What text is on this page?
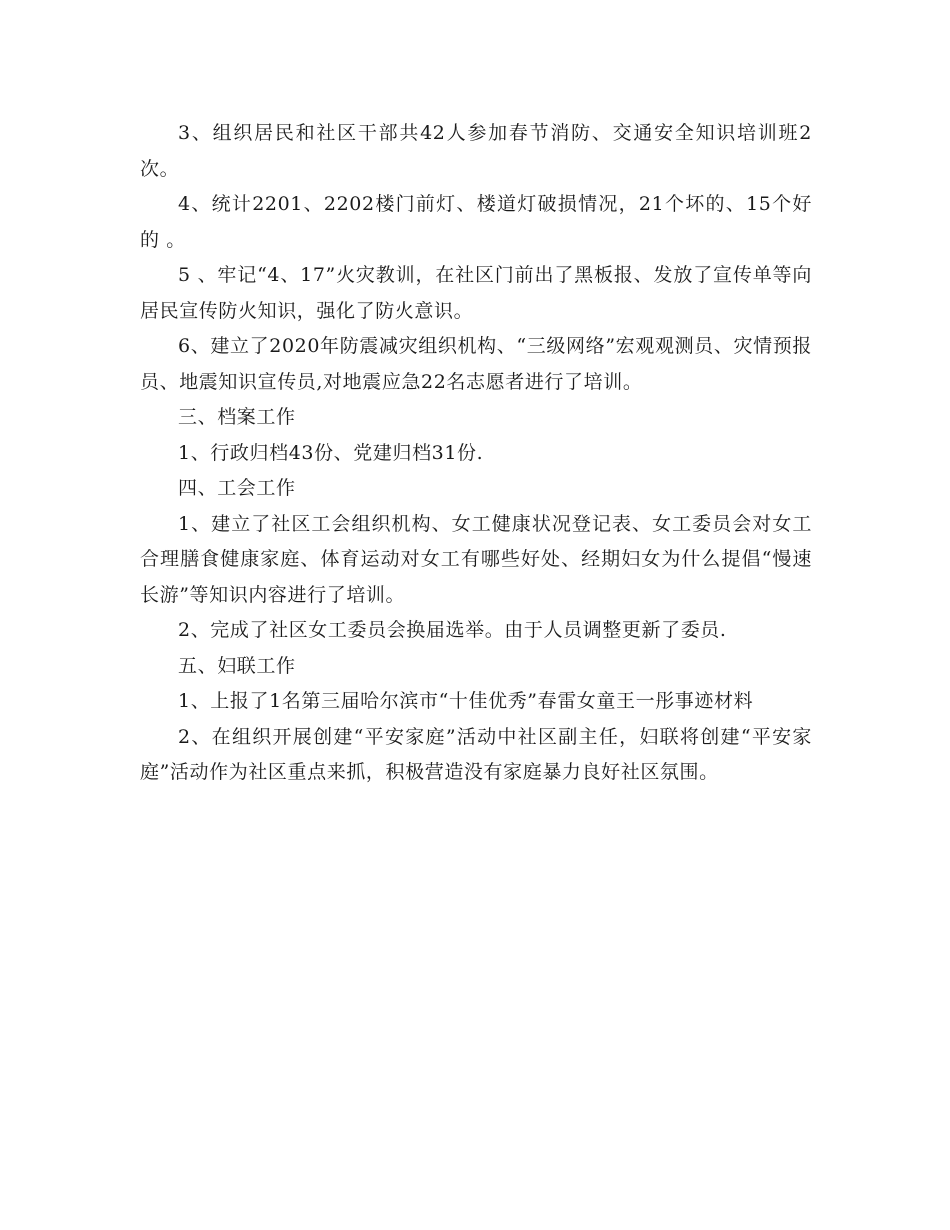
3、组织居民和社区干部共42人参加春节消防、交通安全知识培训班2次。

4、统计2201、2202楼门前灯、楼道灯破损情况，21个坏的、15个好的 。

5 、牢记“4、17”火灾教训，在社区门前出了黑板报、发放了宣传单等向居民宣传防火知识，强化了防火意识。

6、建立了2020年防震减灾组织机构、“三级网络”宏观观测员、灾情预报员、地震知识宣传员,对地震应急22名志愿者进行了培训。

三、档案工作

1、行政归档43份、党建归档31份.

四、工会工作

1、建立了社区工会组织机构、女工健康状况登记表、女工委员会对女工合理膳食健康家庭、体育运动对女工有哪些好处、经期妇女为什么提倡“慢速长游”等知识内容进行了培训。

2、完成了社区女工委员会换届选举。由于人员调整更新了委员.

五、妇联工作

1、上报了1名第三届哈尔滨市“十佳优秀”春雷女童王一彤事迹材料

2、在组织开展创建“平安家庭”活动中社区副主任，妇联将创建“平安家庭”活动作为社区重点来抓，积极营造没有家庭暴力良好社区氛围。
